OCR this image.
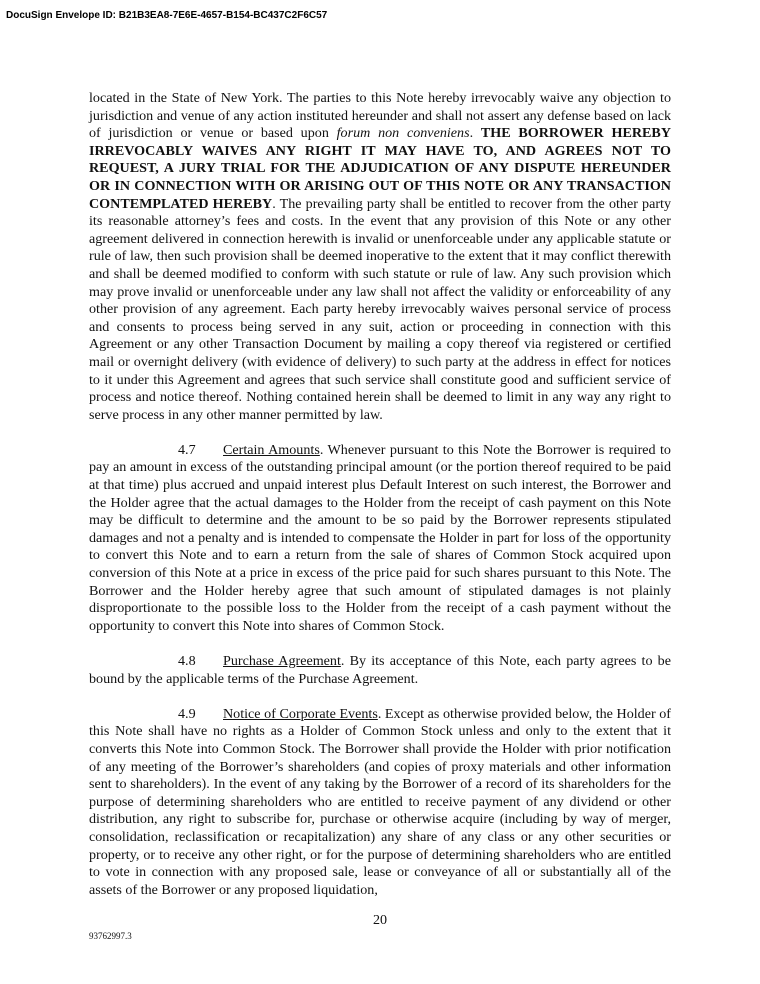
DocuSign Envelope ID: B21B3EA8-7E6E-4657-B154-BC437C2F6C57

located in the State of New York. The parties to this Note hereby irrevocably waive any objection to jurisdiction and venue of any action instituted hereunder and shall not assert any defense based on lack of jurisdiction or venue or based upon forum non conveniens. THE BORROWER HEREBY IRREVOCABLY WAIVES ANY RIGHT IT MAY HAVE TO, AND AGREES NOT TO REQUEST, A JURY TRIAL FOR THE ADJUDICATION OF ANY DISPUTE HEREUNDER OR IN CONNECTION WITH OR ARISING OUT OF THIS NOTE OR ANY TRANSACTION CONTEMPLATED HEREBY. The prevailing party shall be entitled to recover from the other party its reasonable attorney’s fees and costs. In the event that any provision of this Note or any other agreement delivered in connection herewith is invalid or unenforceable under any applicable statute or rule of law, then such provision shall be deemed inoperative to the extent that it may conflict therewith and shall be deemed modified to conform with such statute or rule of law. Any such provision which may prove invalid or unenforceable under any law shall not affect the validity or enforceability of any other provision of any agreement. Each party hereby irrevocably waives personal service of process and consents to process being served in any suit, action or proceeding in connection with this Agreement or any other Transaction Document by mailing a copy thereof via registered or certified mail or overnight delivery (with evidence of delivery) to such party at the address in effect for notices to it under this Agreement and agrees that such service shall constitute good and sufficient service of process and notice thereof. Nothing contained herein shall be deemed to limit in any way any right to serve process in any other manner permitted by law.

4.7 Certain Amounts. Whenever pursuant to this Note the Borrower is required to pay an amount in excess of the outstanding principal amount (or the portion thereof required to be paid at that time) plus accrued and unpaid interest plus Default Interest on such interest, the Borrower and the Holder agree that the actual damages to the Holder from the receipt of cash payment on this Note may be difficult to determine and the amount to be so paid by the Borrower represents stipulated damages and not a penalty and is intended to compensate the Holder in part for loss of the opportunity to convert this Note and to earn a return from the sale of shares of Common Stock acquired upon conversion of this Note at a price in excess of the price paid for such shares pursuant to this Note. The Borrower and the Holder hereby agree that such amount of stipulated damages is not plainly disproportionate to the possible loss to the Holder from the receipt of a cash payment without the opportunity to convert this Note into shares of Common Stock.

4.8 Purchase Agreement. By its acceptance of this Note, each party agrees to be bound by the applicable terms of the Purchase Agreement.

4.9 Notice of Corporate Events. Except as otherwise provided below, the Holder of this Note shall have no rights as a Holder of Common Stock unless and only to the extent that it converts this Note into Common Stock. The Borrower shall provide the Holder with prior notification of any meeting of the Borrower’s shareholders (and copies of proxy materials and other information sent to shareholders). In the event of any taking by the Borrower of a record of its shareholders for the purpose of determining shareholders who are entitled to receive payment of any dividend or other distribution, any right to subscribe for, purchase or otherwise acquire (including by way of merger, consolidation, reclassification or recapitalization) any share of any class or any other securities or property, or to receive any other right, or for the purpose of determining shareholders who are entitled to vote in connection with any proposed sale, lease or conveyance of all or substantially all of the assets of the Borrower or any proposed liquidation,

20
93762997.3
